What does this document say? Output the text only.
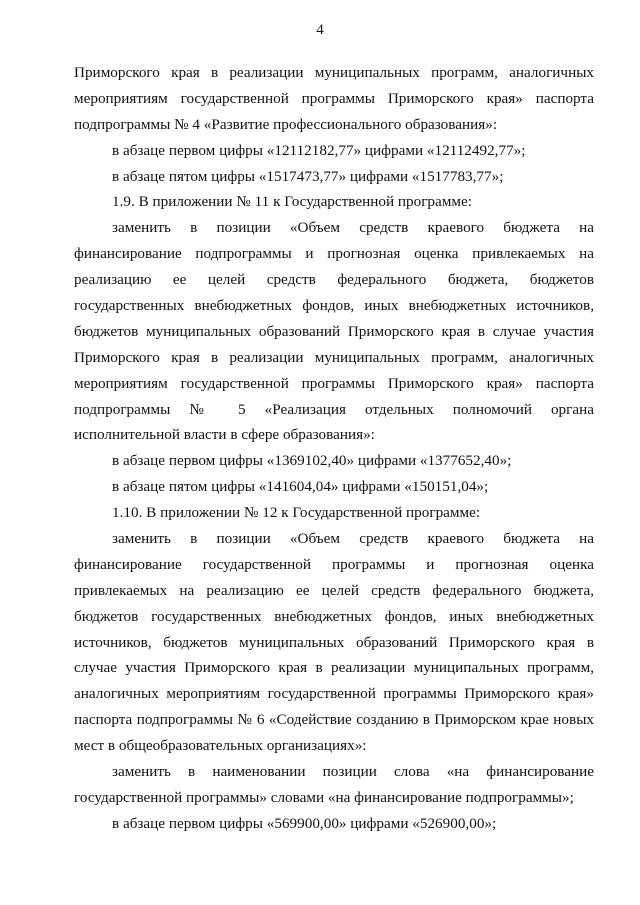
4
Приморского края в реализации муниципальных программ, аналогичных
мероприятиям государственной программы Приморского края» паспорта
подпрограммы № 4 «Развитие профессионального образования»:
в абзаце первом цифры «12112182,77» цифрами «12112492,77»;
в абзаце пятом цифры «1517473,77» цифрами «1517783,77»;
1.9. В приложении № 11 к Государственной программе:
заменить в позиции «Объем средств краевого бюджета на
финансирование подпрограммы и прогнозная оценка привлекаемых на
реализацию ее целей средств федерального бюджета, бюджетов
государственных внебюджетных фондов, иных внебюджетных источников,
бюджетов муниципальных образований Приморского края в случае участия
Приморского края в реализации муниципальных программ, аналогичных
мероприятиям государственной программы Приморского края» паспорта
подпрограммы № 5 «Реализация отдельных полномочий органа
исполнительной власти в сфере образования»:
в абзаце первом цифры «1369102,40» цифрами «1377652,40»;
в абзаце пятом цифры «141604,04» цифрами «150151,04»;
1.10. В приложении № 12 к Государственной программе:
заменить в позиции «Объем средств краевого бюджета на
финансирование государственной программы и прогнозная оценка
привлекаемых на реализацию ее целей средств федерального бюджета,
бюджетов государственных внебюджетных фондов, иных внебюджетных
источников, бюджетов муниципальных образований Приморского края в
случае участия Приморского края в реализации муниципальных программ,
аналогичных мероприятиям государственной программы Приморского края»
паспорта подпрограммы № 6 «Содействие созданию в Приморском крае новых
мест в общеобразовательных организациях»:
заменить в наименовании позиции слова «на финансирование
государственной программы» словами «на финансирование подпрограммы»;
в абзаце первом цифры «569900,00» цифрами «526900,00»;
